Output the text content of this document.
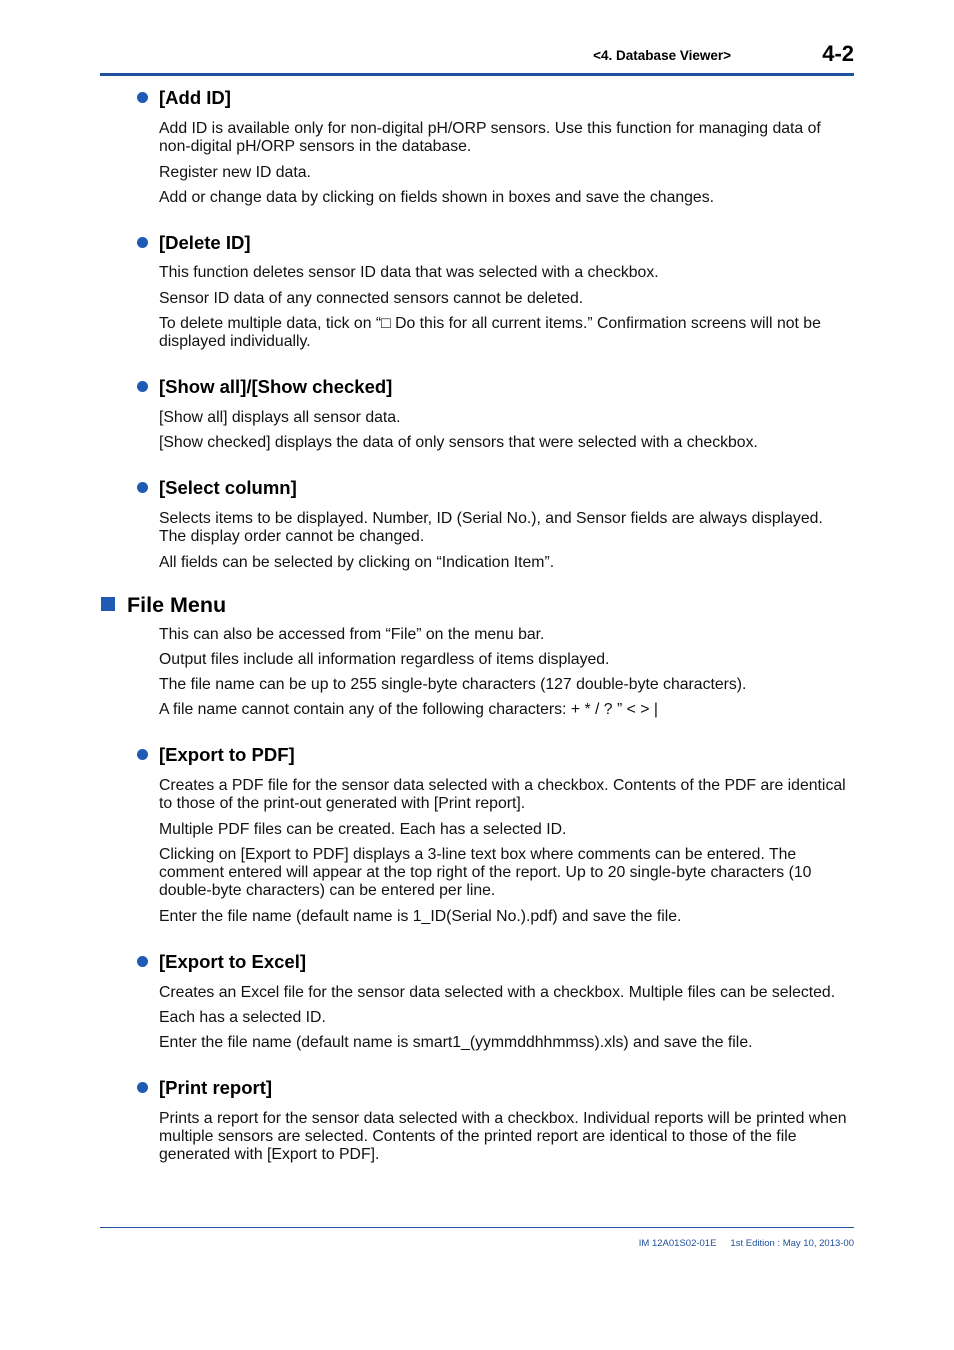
<4. Database Viewer>	4-2
[Add ID]
Add ID is available only for non-digital pH/ORP sensors. Use this function for managing data of non-digital pH/ORP sensors in the database.
Register new ID data.
Add or change data by clicking on fields shown in boxes and save the changes.
[Delete ID]
This function deletes sensor ID data that was selected with a checkbox.
Sensor ID data of any connected sensors cannot be deleted.
To delete multiple data, tick on “□ Do this for all current items.” Confirmation screens will not be displayed individually.
[Show all]/[Show checked]
[Show all] displays all sensor data.
[Show checked] displays the data of only sensors that were selected with a checkbox.
[Select column]
Selects items to be displayed. Number, ID (Serial No.), and Sensor fields are always displayed. The display order cannot be changed.
All fields can be selected by clicking on “Indication Item”.
File Menu
This can also be accessed from “File” on the menu bar.
Output files include all information regardless of items displayed.
The file name can be up to 255 single-byte characters (127 double-byte characters).
A file name cannot contain any of the following characters: + * / ? ” < > |
[Export to PDF]
Creates a PDF file for the sensor data selected with a checkbox. Contents of the PDF are identical to those of the print-out generated with [Print report].
Multiple PDF files can be created. Each has a selected ID.
Clicking on [Export to PDF] displays a 3-line text box where comments can be entered. The comment entered will appear at the top right of the report. Up to 20 single-byte characters (10 double-byte characters) can be entered per line.
Enter the file name (default name is 1_ID(Serial No.).pdf) and save the file.
[Export to Excel]
Creates an Excel file for the sensor data selected with a checkbox. Multiple files can be selected.
Each has a selected ID.
Enter the file name (default name is smart1_(yymmddhhmmss).xls) and save the file.
[Print report]
Prints a report for the sensor data selected with a checkbox. Individual reports will be printed when multiple sensors are selected. Contents of the printed report are identical to those of the file generated with [Export to PDF].
IM 12A01S02-01E 1st Edition : May 10, 2013-00
